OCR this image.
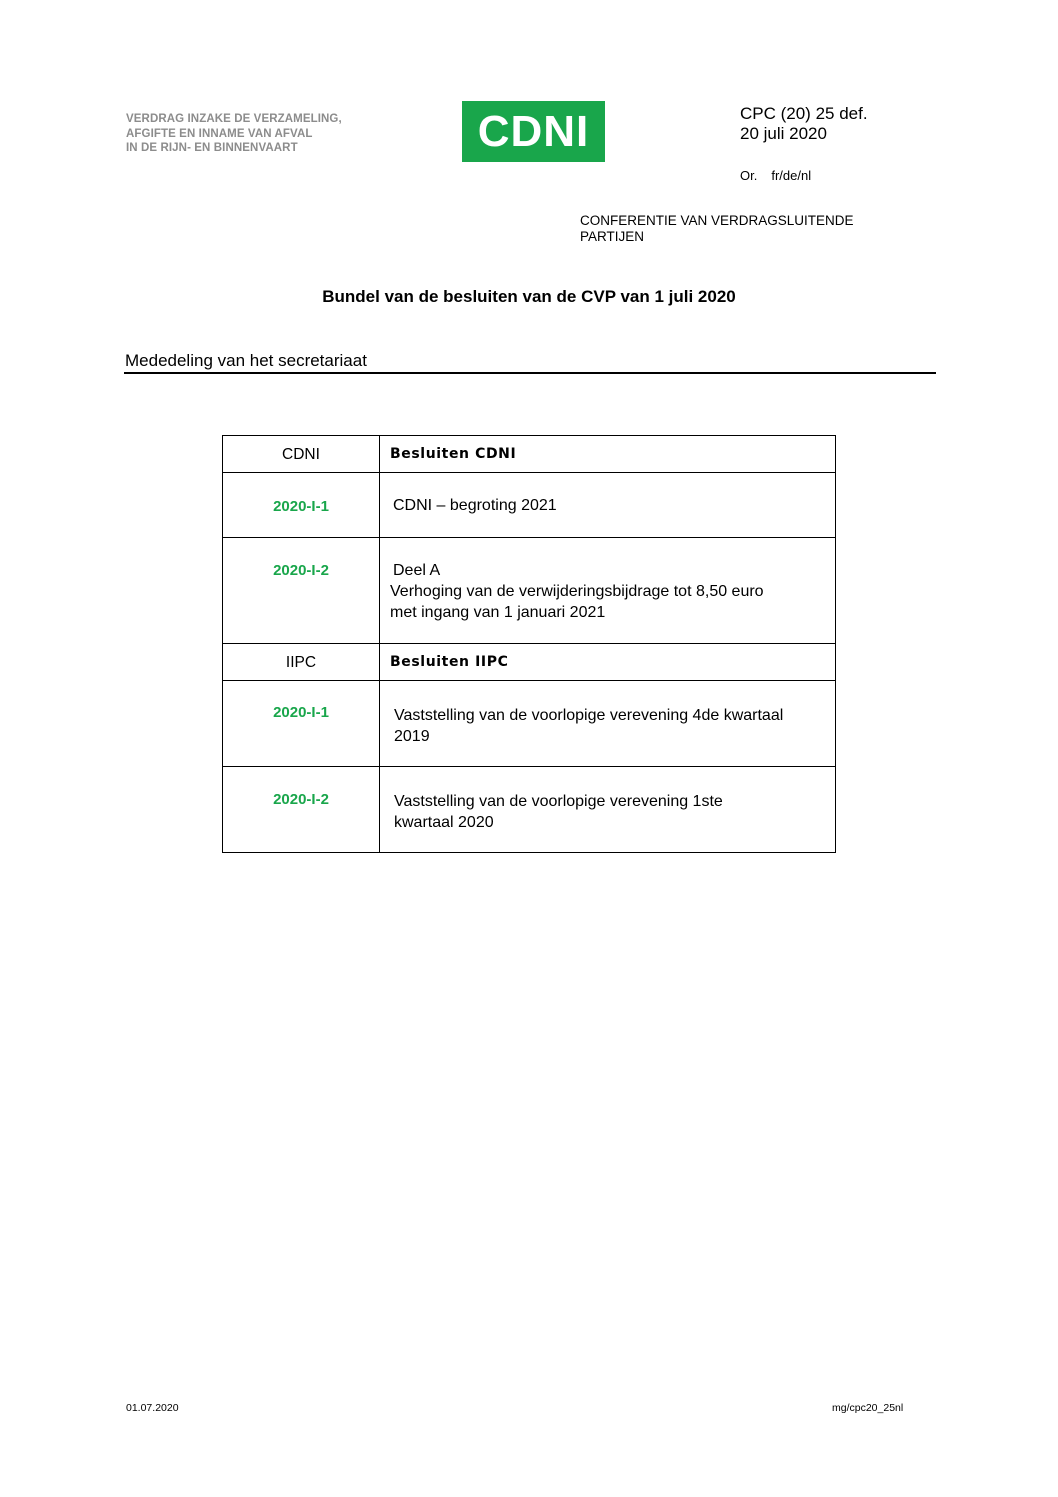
VERDRAG INZAKE DE VERZAMELING,
AFGIFTE EN INNAME VAN AFVAL
IN DE RIJN- EN BINNENVAART	CDNI	CPC (20) 25 def.
20 juli 2020
Or. fr/de/nl
CONFERENTIE VAN VERDRAGSLUITENDE
PARTIJEN
Bundel van de besluiten van de CVP van 1 juli 2020
Mededeling van het secretariaat
CDNI	Besluiten CDNI
2020-I-1	CDNI – begroting 2021
2020-I-2	Deel A
Verhoging van de verwijderingsbijdrage tot 8,50 euro
met ingang van 1 januari 2021

IIPC	Besluiten IIPC
2020-I-1	Vaststelling van de voorlopige verevening 4de kwartaal
2019

2020-I-2	Vaststelling van de voorlopige verevening 1ste
kwartaal 2020
01.07.2020	mg/cpc20_25nl
